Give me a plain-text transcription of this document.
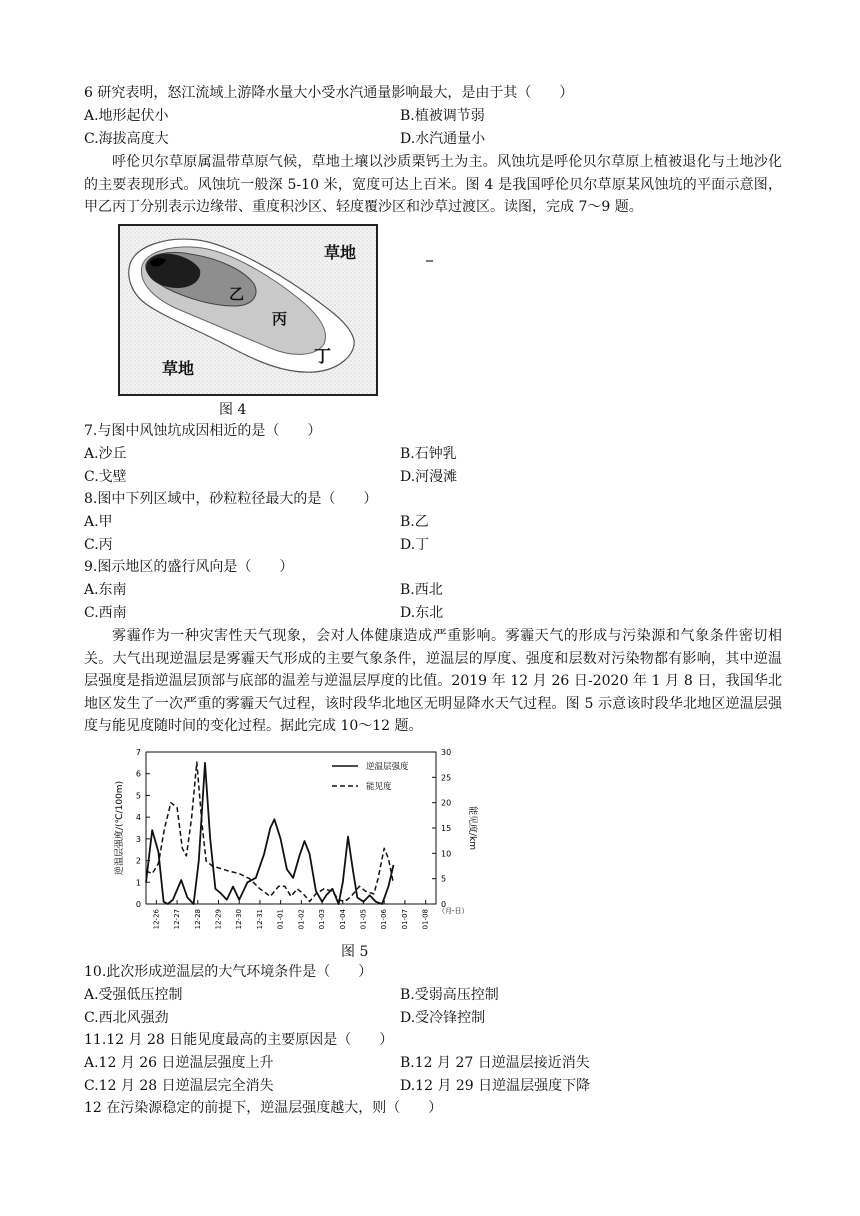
6 研究表明，怒江流域上游降水量大小受水汽通量影响最大，是由于其（　　）
A.地形起伏小	B.植被调节弱
C.海拔高度大	D.水汽通量小
呼伦贝尔草原属温带草原气候，草地土壤以沙质栗钙土为主。风蚀坑是呼伦贝尔草原上植被退化与土地沙化的主要表现形式。风蚀坑一般深 5-10 米，宽度可达上百米。图 4 是我国呼伦贝尔草原某风蚀坑的平面示意图，甲乙丙丁分别表示边缘带、重度积沙区、轻度覆沙区和沙草过渡区。读图，完成 7～9 题。
草地
草地
乙
丙
丁
图 4
7.与图中风蚀坑成因相近的是（　　）
A.沙丘	B.石钟乳
C.戈壁	D.河漫滩
8.图中下列区域中，砂粒粒径最大的是（　　）
A.甲	B.乙
C.丙	D.丁
9.图示地区的盛行风向是（　　）
A.东南	B.西北
C.西南	D.东北
雾霾作为一种灾害性天气现象，会对人体健康造成严重影响。雾霾天气的形成与污染源和气象条件密切相关。大气出现逆温层是雾霾天气形成的主要气象条件，逆温层的厚度、强度和层数对污染物都有影响，其中逆温层强度是指逆温层顶部与底部的温差与逆温层厚度的比值。2019 年 12 月 26 日-2020 年 1 月 8 日，我国华北地区发生了一次严重的雾霾天气过程，该时段华北地区无明显降水天气过程。图 5 示意该时段华北地区逆温层强度与能见度随时间的变化过程。据此完成 10～12 题。
0
1
2
3
4
5
6
7
0
5
10
15
20
25
30
12-26 12-27 12-28 12-29 12-30 12-31 01-01 01-02 01-03 01-04 01-05 01-06 01-07 01-08 （月-日）
逆温层强度/(℃/100m)	能见度/km
逆温层强度
能见度
图 5
10.此次形成逆温层的大气环境条件是（　　）
A.受强低压控制	B.受弱高压控制
C.西北风强劲	D.受冷锋控制
11.12 月 28 日能见度最高的主要原因是（　　）
A.12 月 26 日逆温层强度上升	B.12 月 27 日逆温层接近消失
C.12 月 28 日逆温层完全消失	D.12 月 29 日逆温层强度下降
12 在污染源稳定的前提下，逆温层强度越大，则（　　）
